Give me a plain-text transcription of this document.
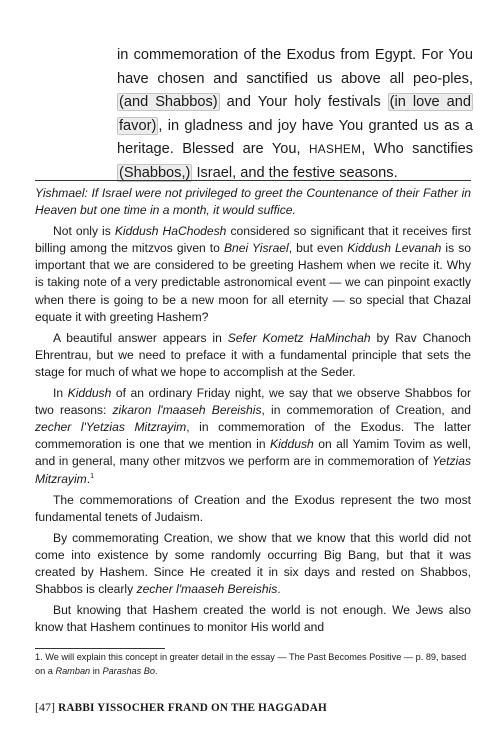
in commemoration of the Exodus from Egypt. For You have chosen and sanctified us above all peo-ples, (and Shabbos) and Your holy festivals (in love and favor) , in gladness and joy have You granted us as a heritage. Blessed are You, HASHEM, Who sanctifies (Shabbos,) Israel, and the festive seasons.

Yishmael: If Israel were not privileged to greet the Countenance of their Father in Heaven but one time in a month, it would suffice.

Not only is Kiddush HaChodesh considered so significant that it receives first billing among the mitzvos given to Bnei Yisrael, but even Kiddush Levanah is so important that we are considered to be greeting Hashem when we recite it. Why is taking note of a very predictable astronomical event — we can pinpoint exactly when there is going to be a new moon for all eternity — so special that Chazal equate it with greeting Hashem?

A beautiful answer appears in Sefer Kometz HaMinchah by Rav Chanoch Ehrentrau, but we need to preface it with a fundamental principle that sets the stage for much of what we hope to accomplish at the Seder.

In Kiddush of an ordinary Friday night, we say that we observe Shabbos for two reasons: zikaron l'maaseh Bereishis, in commemoration of Creation, and zecher l'Yetzias Mitzrayim, in commemoration of the Exodus. The latter commemoration is one that we mention in Kiddush on all Yamim Tovim as well, and in general, many other mitzvos we perform are in commemoration of Yetzias Mitzrayim.$^1$

The commemorations of Creation and the Exodus represent the two most fundamental tenets of Judaism.

By commemorating Creation, we show that we know that this world did not come into existence by some randomly occurring Big Bang, but that it was created by Hashem. Since He created it in six days and rested on Shabbos, Shabbos is clearly zecher l'maaseh Bereishis.

But knowing that Hashem created the world is not enough. We Jews also know that Hashem continues to monitor His world and

1. We will explain this concept in greater detail in the essay — The Past Becomes Positive — p. 89, based on a Ramban in Parashas Bo.

[47] RABBI YISSOCHER FRAND ON THE HAGGADAH
